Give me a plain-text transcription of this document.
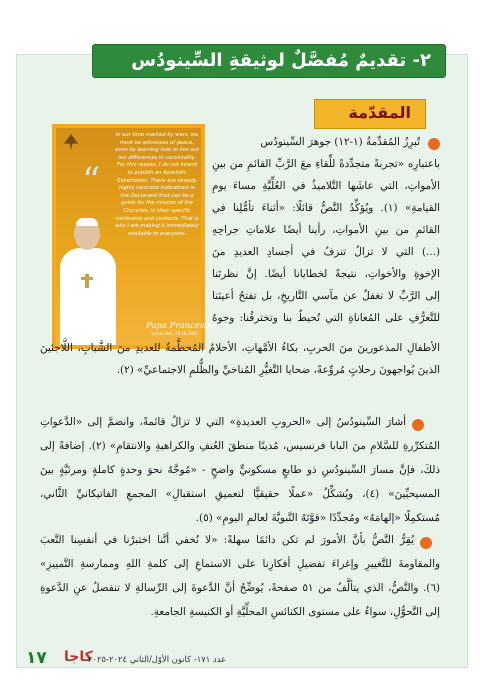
٢- تقديمٌ مُفصَّلٌ لوثيقةِ السِّينودُس
المقدّمة
“
In our time marked by wars, we must be witnesses of peace, even by learning how to live out our differences in conviviality. For this reason, I do not intend to publish an Apostolic Exhortation. There are already highly concrete indications in the Document that can be a guide for the mission of the Churches, in their specific continents and contexts. That is why I am making it immediately available to everyone.
Papa Francesco
Synod Hall, 26.10.2024
تُبرِزُ المُقدِّمةُ (١-١٢) جوهرَ السِّينودُس
باعتبارِه «تجربةً متجدِّدةً للِّقاءِ معَ الرَّبِّ القائمِ من بينِ
الأمواتِ، التي عاشَها التَّلاميذُ في العُلِّيَّةِ مساءَ يومِ
القيامةِ» (١). ويُؤكِّدُ النَّصُّ قائلًا: «أثناءَ تأمُّلِنا في
القائمِ من بينِ الأمواتِ، رأينا أيضًا علاماتِ جراحِهِ
(...) التي لا تزالُ تنزفُ في أجسادِ العديدِ منَ
الإخوةِ والأخواتِ، نتيجةً لخطايانا أيضًا. إنَّ نظرتَنا
إلى الرَّبِّ لا تغفلُ عن مآسي التَّاريخِ، بل تفتحُ أعينَنا
للتَّعرُّفِ على المُعاناةِ التي تُحيطُ بنا وتخترقُنا: وجوهُ
الأطفالِ المذعورينَ منَ الحربِ، بكاءُ الأمَّهاتِ، الأحلامُ المُحطَّمةُ للعديدِ منَ الشَّبابِ، اللَّاجئينَ
الذينَ يُواجهونَ رحلاتٍ مُروِّعةً، ضحايا التَّغيُّرِ المُناخيِّ والظُّلمِ الاجتماعيِّ» (٢).
أشارَ السِّينودُسُ إلى «الحروبِ العديدةِ» التي لا تزالُ قائمةً، وانضمَّ إلى «الدَّعواتِ
المُتكرِّرةِ للسَّلامِ منَ البابا فرنسيس، مُدينًا منطقَ العُنفِ والكراهيةِ والانتقامِ» (٢). إضافةً إلى
ذلكَ، فإنَّ مسارَ السِّينودُسِ ذو طابعٍ مسكونيٍّ واضحٍ - «مُوجَّهٌ نحوَ وحدةٍ كاملةٍ ومرئيَّةٍ بينَ
المسيحيِّينَ» (٤)، ويُشكِّلُ «عملًا حقيقيًّا لتعميقِ استقبالِ» المجمعِ الفاتيكانيِّ الثَّاني،
مُستكمِلًا «إلهامَهُ» ومُجدِّدًا «قوَّتَهُ النَّبويَّةَ لعالمِ اليومِ» (٥).
يُقِرُّ النَّصُّ بأنَّ الأمورَ لم تكن دائمًا سهلةً: «لا نُخفي أنَّنا اختبرْنا في أنفسِنا التَّعبَ
والمقاومةَ للتَّغييرِ وإغراءَ تفضيلِ أفكارِنا على الاستماعِ إلى كلمةِ اللهِ وممارسةِ التَّمييزِ»
(٦). والنَّصُّ، الذي يتألَّفُ من ٥١ صفحةً، يُوضِّحُ أنَّ الدَّعوةَ إلى الرِّسالةِ لا تنفصلُ عنِ الدَّعوةِ
إلى التَّحوُّلِ، سواءٌ على مستوى الكنائسِ المحلِّيَّةِ أو الكنيسةِ الجامعةِ.
١٧ كاجا
عدد ١٧١- كانون الأوّل/الثاني ٢٠٢٤-٢٠٢٥
